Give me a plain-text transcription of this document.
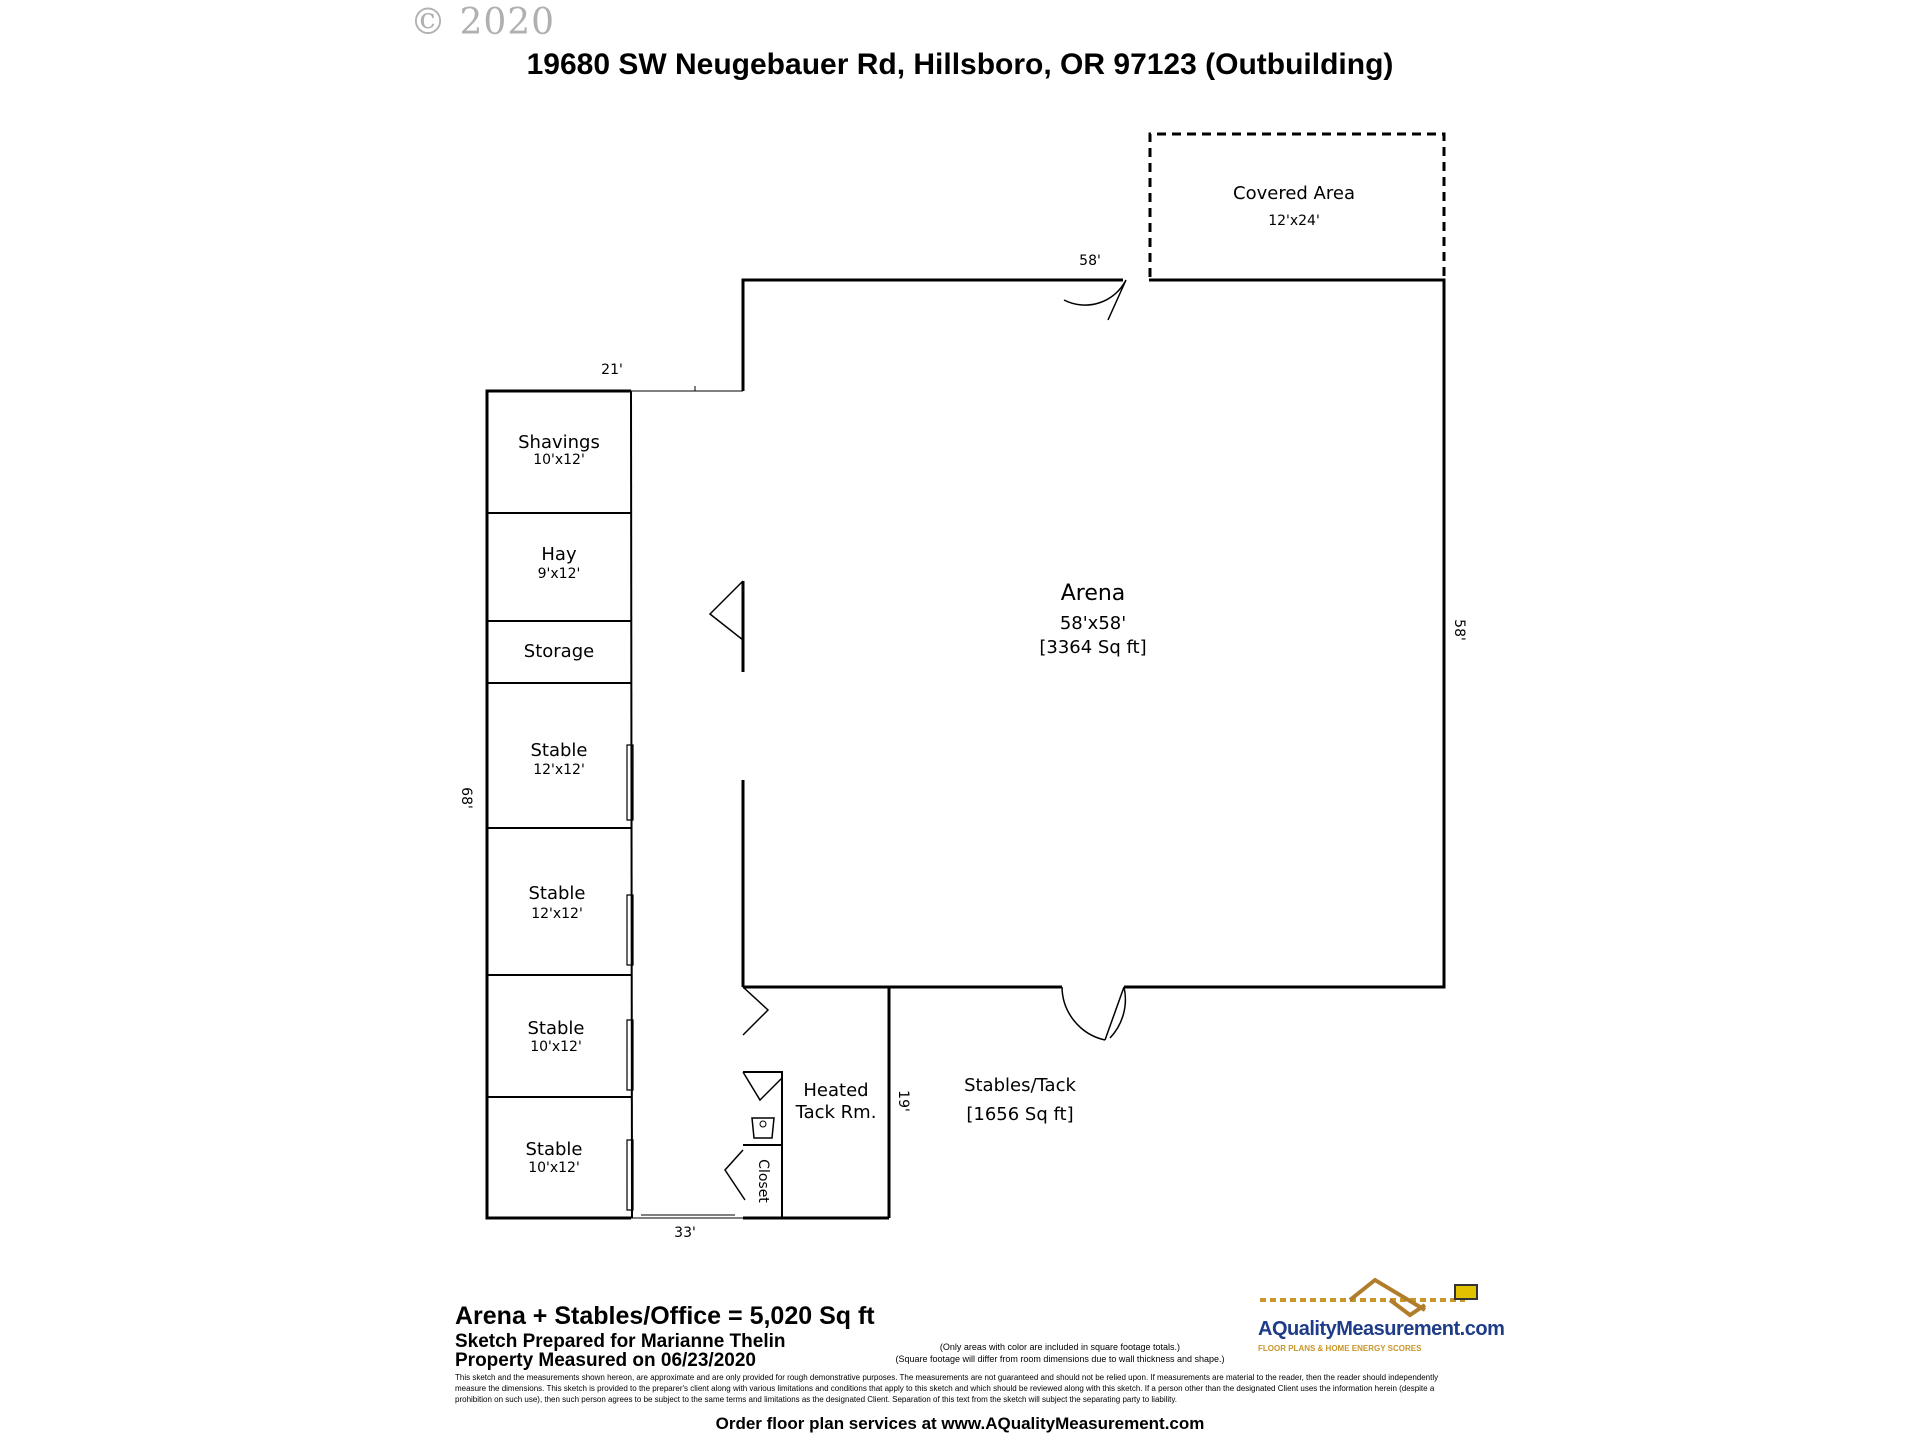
© 2020
19680 SW Neugebauer Rd, Hillsboro, OR 97123 (Outbuilding)
Covered Area
12'x24'
Arena
58'x58'
[3364 Sq ft]
Shavings
10'x12'
Hay
9'x12'
Storage
Stable
12'x12'
Stable
12'x12'
Stable
10'x12'
Stable
10'x12'
Heated
Tack Rm.
Closet
Stables/Tack
[1656 Sq ft]
58'
58'
21'
68'
33'
19'
Arena + Stables/Office = 5,020 Sq ft
Sketch Prepared for Marianne Thelin
Property Measured on 06/23/2020
(Only areas with color are included in square footage totals.)
(Square footage will differ from room dimensions due to wall thickness and shape.)
This sketch and the measurements shown hereon, are approximate and are only provided for rough demonstrative purposes. The measurements are not guaranteed and should not be relied upon. If measurements are material to the reader, then the reader should independently measure the dimensions. This sketch is provided to the preparer's client along with various limitations and conditions that apply to this sketch and which should be reviewed along with this sketch. If a person other than the designated Client uses the information herein (despite a prohibition on such use), then such person agrees to be subject to the same terms and limitations as the designated Client. Separation of this text from the sketch will subject the separating party to liability.
Order floor plan services at www.AQualityMeasurement.com
AQualityMeasurement.com
FLOOR PLANS & HOME ENERGY SCORES
